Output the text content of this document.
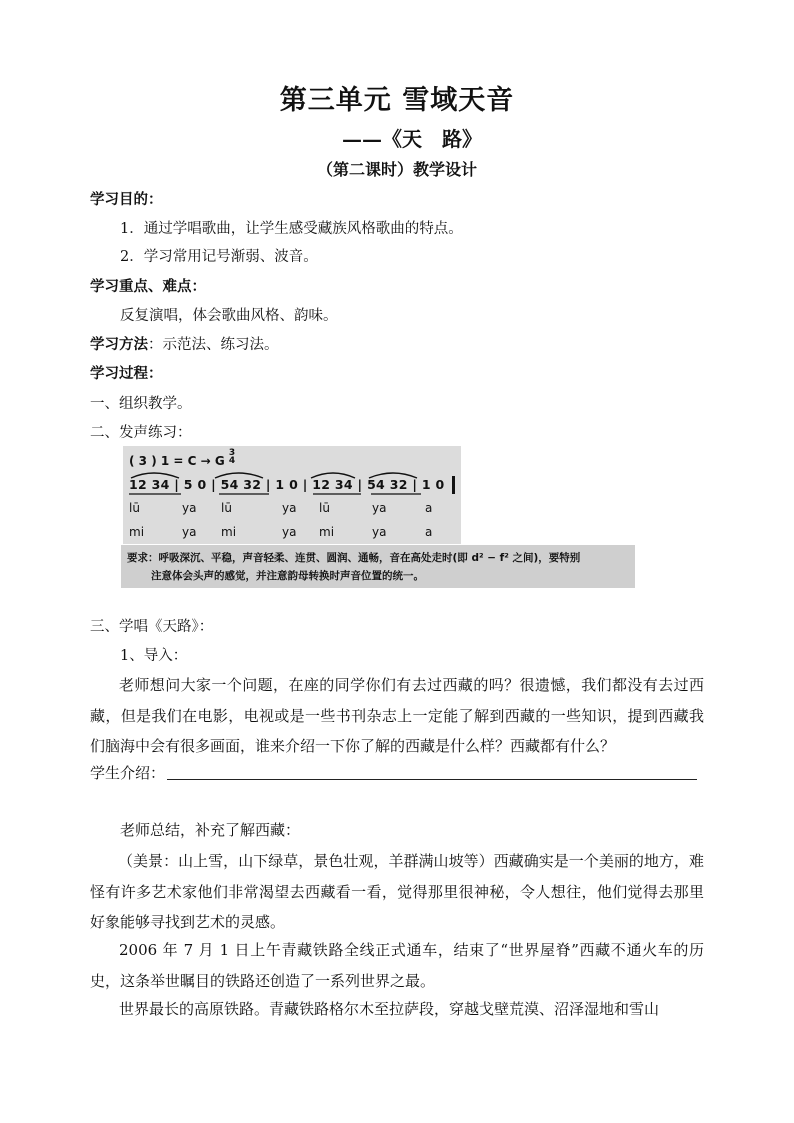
第三单元 雪域天音
——《天　路》
（第二课时）教学设计
学习目的：
1．通过学唱歌曲，让学生感受藏族风格歌曲的特点。
2．学习常用记号渐弱、波音。
学习重点、难点：
反复演唱，体会歌曲风格、韵味。
学习方法：示范法、练习法。
学习过程：
一、组织教学。
二、发声练习：
( 3 ) 1 = C → G 3
4
12 34 | 5 0 | 54 32 | 1 0 | 12 34 | 54 32 | 1 0
lū	ya lū	ya lū	ya	a
mi	ya mi	ya mi	ya	a
要求：呼吸深沉、平稳，声音轻柔、连贯、圆润、通畅，音在高处走时(即 d² − f² 之间)，要特别
注意体会头声的感觉，并注意韵母转换时声音位置的统一。
三、学唱《天路》：
1、导入：
老师想问大家一个问题，在座的同学你们有去过西藏的吗？很遗憾，我们都没有去过西藏，但是我们在电影，电视或是一些书刊杂志上一定能了解到西藏的一些知识，提到西藏我们脑海中会有很多画面，谁来介绍一下你了解的西藏是什么样？西藏都有什么？
学生介绍：
老师总结，补充了解西藏：
（美景：山上雪，山下绿草，景色壮观，羊群满山坡等）西藏确实是一个美丽的地方，难怪有许多艺术家他们非常渴望去西藏看一看，觉得那里很神秘，令人想往，他们觉得去那里好象能够寻找到艺术的灵感。
2006 年 7 月 1 日上午青藏铁路全线正式通车，结束了“世界屋脊”西藏不通火车的历史，这条举世瞩目的铁路还创造了一系列世界之最。
世界最长的高原铁路。青藏铁路格尔木至拉萨段，穿越戈壁荒漠、沼泽湿地和雪山
